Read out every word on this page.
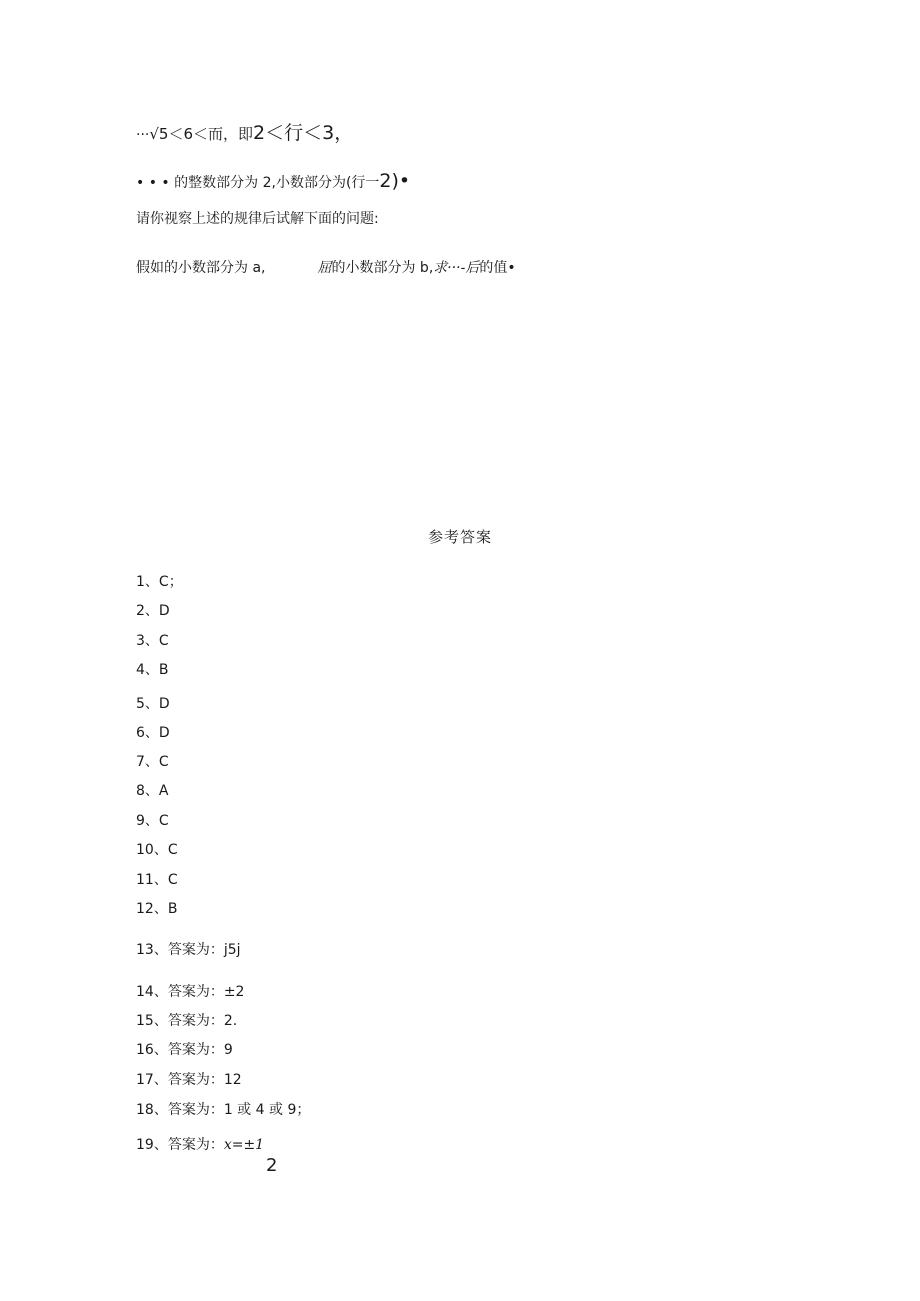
···√5＜6＜而，即2＜行＜3，
• • • 的整数部分为 2,小数部分为(行一2)•
请你视察上述的规律后试解下面的问题:
假如的小数部分为 a,	屈的小数部分为 b,求···-后的值•
参考答案
1、C；
2、D
3、C
4、B
5、D
6、D
7、C
8、A
9、C
10、C
11、C
12、B
13、答案为：j5j
14、答案为：±2
15、答案为：2.
16、答案为：9
17、答案为：12
18、答案为：1 或 4 或 9；
19、答案为：x=±1
2
